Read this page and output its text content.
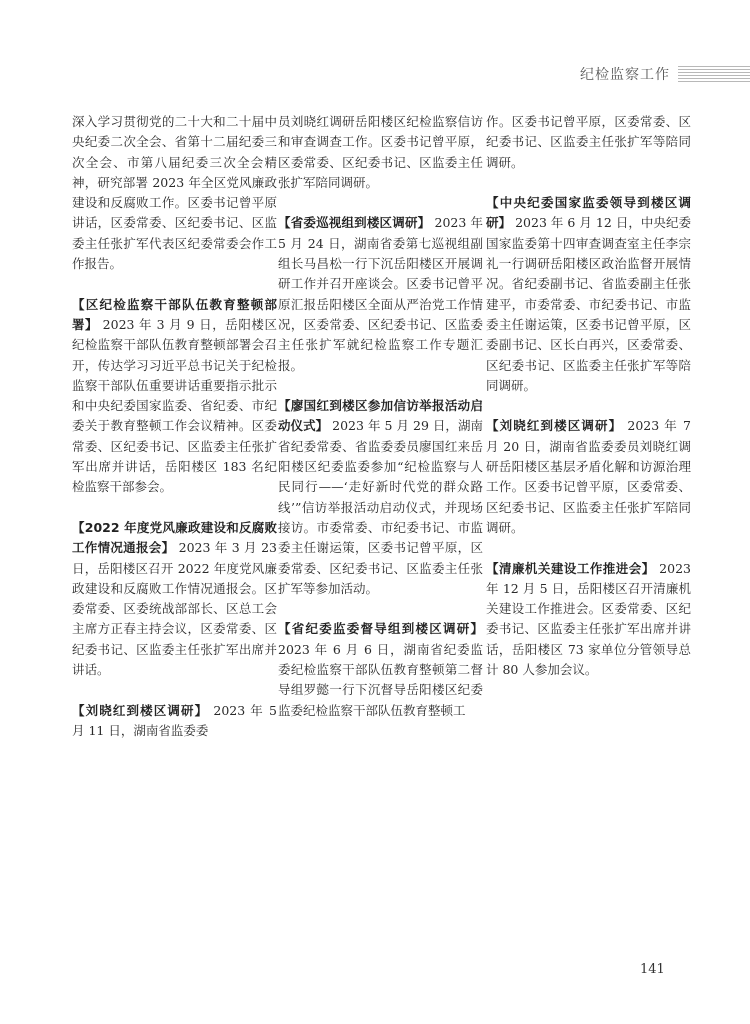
纪检监察工作

深入学习贯彻党的二十大和二十届中央纪委二次全会、省第十二届纪委三次全会、市第八届纪委三次全会精神，研究部署 2023 年全区党风廉政建设和反腐败工作。区委书记曾平原讲话，区委常委、区纪委书记、区监委主任张扩军代表区纪委常委会作工作报告。

【区纪检监察干部队伍教育整顿部署】 2023 年 3 月 9 日，岳阳楼区纪检监察干部队伍教育整顿部署会召开，传达学习习近平总书记关于纪检监察干部队伍重要讲话重要指示批示和中央纪委国家监委、省纪委、市纪委关于教育整顿工作会议精神。区委常委、区纪委书记、区监委主任张扩军出席并讲话，岳阳楼区 183 名纪检监察干部参会。

【2022 年度党风廉政建设和反腐败工作情况通报会】 2023 年 3 月 23 日，岳阳楼区召开 2022 年度党风廉政建设和反腐败工作情况通报会。区委常委、区委统战部部长、区总工会主席方正春主持会议，区委常委、区纪委书记、区监委主任张扩军出席并讲话。

【刘晓红到楼区调研】 2023 年 5 月 11 日，湖南省监委委

员刘晓红调研岳阳楼区纪检监察信访和审查调查工作。区委书记曾平原，区委常委、区纪委书记、区监委主任张扩军陪同调研。

【省委巡视组到楼区调研】 2023 年 5 月 24 日，湖南省委第七巡视组副组长马昌松一行下沉岳阳楼区开展调研工作并召开座谈会。区委书记曾平原汇报岳阳楼区全面从严治党工作情况，区委常委、区纪委书记、区监委主任张扩军就纪检监察工作专题汇报。

【廖国红到楼区参加信访举报活动启动仪式】 2023 年 5 月 29 日，湖南省纪委常委、省监委委员廖国红来岳阳楼区纪委监委参加“纪检监察与人民同行——‘走好新时代党的群众路线’”信访举报活动启动仪式，并现场接访。市委常委、市纪委书记、市监委主任谢运策，区委书记曾平原，区委常委、区纪委书记、区监委主任张扩军等参加活动。

【省纪委监委督导组到楼区调研】 2023 年 6 月 6 日，湖南省纪委监委纪检监察干部队伍教育整顿第二督导组罗懿一行下沉督导岳阳楼区纪委监委纪检监察干部队伍教育整顿工

作。区委书记曾平原，区委常委、区纪委书记、区监委主任张扩军等陪同调研。

【中央纪委国家监委领导到楼区调研】 2023 年 6 月 12 日，中央纪委国家监委第十四审查调查室主任李宗礼一行调研岳阳楼区政治监督开展情况。省纪委副书记、省监委副主任张建平，市委常委、市纪委书记、市监委主任谢运策，区委书记曾平原，区委副书记、区长白再兴，区委常委、区纪委书记、区监委主任张扩军等陪同调研。

【刘晓红到楼区调研】 2023 年 7 月 20 日，湖南省监委委员刘晓红调研岳阳楼区基层矛盾化解和访源治理工作。区委书记曾平原，区委常委、区纪委书记、区监委主任张扩军陪同调研。

【清廉机关建设工作推进会】 2023 年 12 月 5 日，岳阳楼区召开清廉机关建设工作推进会。区委常委、区纪委书记、区监委主任张扩军出席并讲话，岳阳楼区 73 家单位分管领导总计 80 人参加会议。

141
